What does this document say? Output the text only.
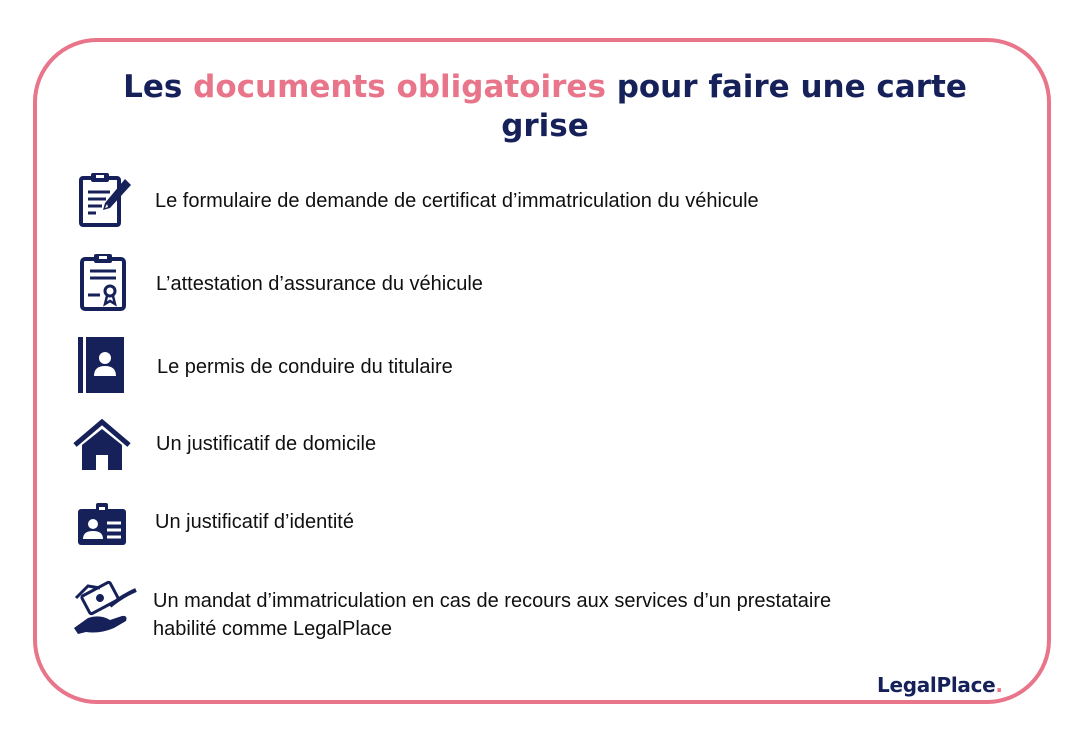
Les documents obligatoires pour faire une carte grise

Le formulaire de demande de certificat d’immatriculation du véhicule

L’attestation d’assurance du véhicule

Le permis de conduire du titulaire

Un justificatif de domicile

Un justificatif d’identité

Un mandat d’immatriculation en cas de recours aux services d’un prestataire
habilité comme LegalPlace

LegalPlace.
